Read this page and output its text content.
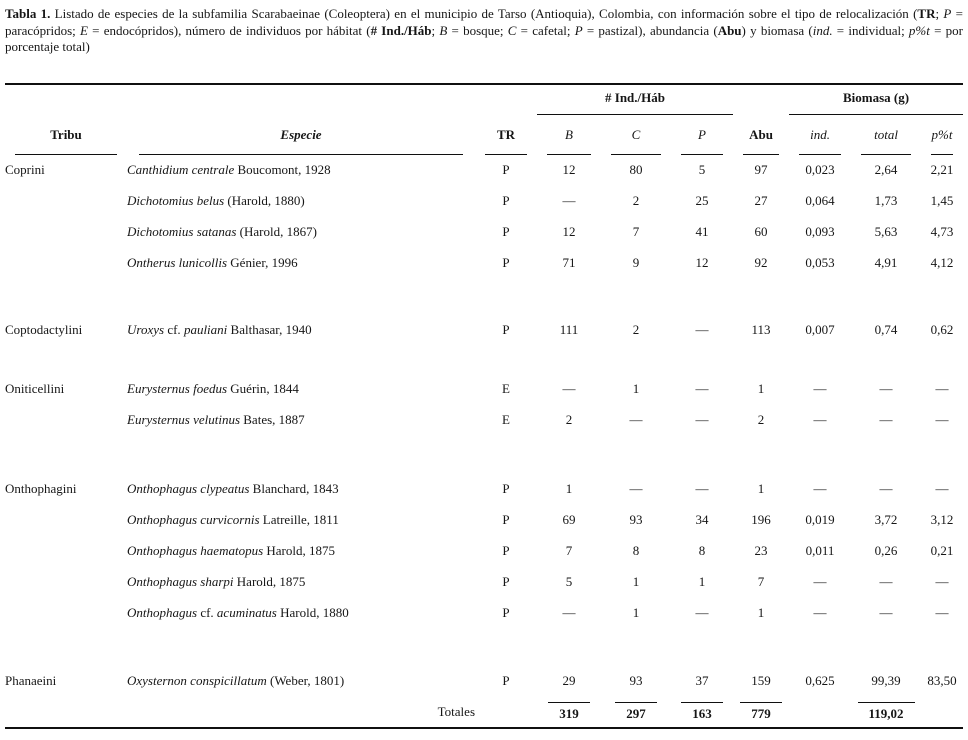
Tabla 1. Listado de especies de la subfamilia Scarabaeinae (Coleoptera) en el municipio de Tarso (Antioquia), Colombia, con información sobre el tipo de relocalización (TR; P = paracópridos; E = endocópridos), número de individuos por hábitat (# Ind./Háb; B = bosque; C = cafetal; P = pastizal), abundancia (Abu) y biomasa (ind. = individual; p%t = por porcentaje total)

			# Ind./Háb				Biomasa (g)		

Tribu	Especie	TR	B	C	P	Abu	ind.	total	p%t

Coprini	Canthidium centrale Boucomont, 1928	P	12	80	5	97	0,023	2,64	2,21
	Dichotomius belus (Harold, 1880)	P	—	2	25	27	0,064	1,73	1,45
	Dichotomius satanas (Harold, 1867)	P	12	7	41	60	0,093	5,63	4,73
	Ontherus lunicollis Génier, 1996	P	71	9	12	92	0,053	4,91	4,12

Coptodactylini	Uroxys cf. pauliani Balthasar, 1940	P	111	2	—	113	0,007	0,74	0,62

Oniticellini	Eurysternus foedus Guérin, 1844	E	—	1	—	1	—	—	—
	Eurysternus velutinus Bates, 1887	E	2	—	—	2	—	—	—

Onthophagini	Onthophagus clypeatus Blanchard, 1843	P	1	—	—	1	—	—	—
	Onthophagus curvicornis Latreille, 1811	P	69	93	34	196	0,019	3,72	3,12
	Onthophagus haematopus Harold, 1875	P	7	8	8	23	0,011	0,26	0,21
	Onthophagus sharpi Harold, 1875	P	5	1	1	7	—	—	—
	Onthophagus cf. acuminatus Harold, 1880	P	—	1	—	1	—	—	—

Phanaeini	Oxysternon conspicillatum (Weber, 1801)	P	29	93	37	159	0,625	99,39	83,50
	Totales		319	297	163	779		119,02	
